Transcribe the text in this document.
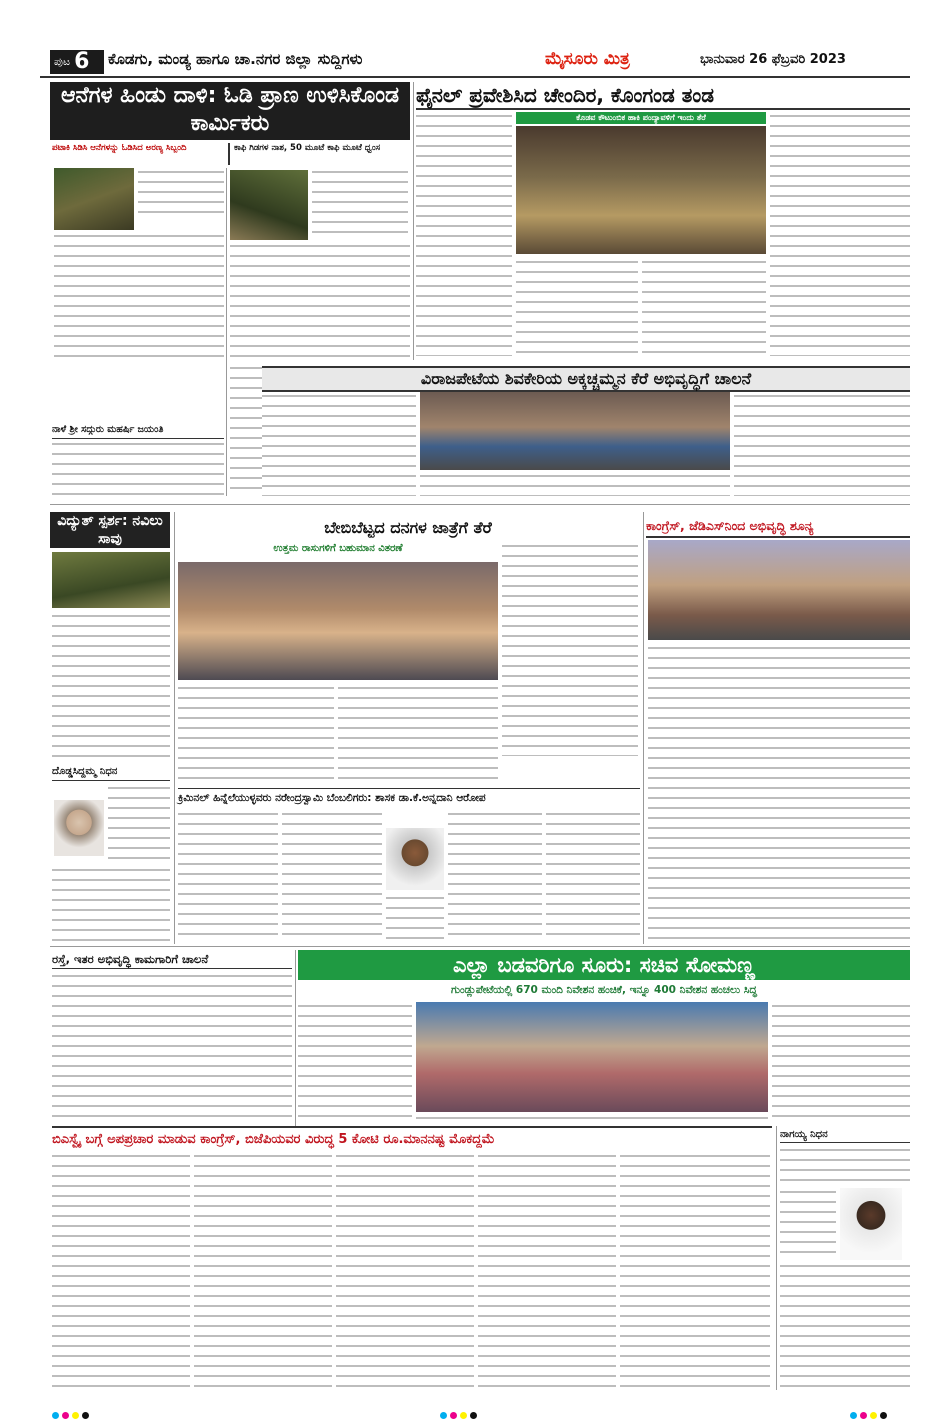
ಪುಟ 6 ಕೊಡಗು, ಮಂಡ್ಯ ಹಾಗೂ ಚಾ.ನಗರ ಜಿಲ್ಲಾ ಸುದ್ದಿಗಳು	ಮೈಸೂರು ಮಿತ್ರ	ಭಾನುವಾರ 26 ಫೆಬ್ರವರಿ 2023
ಆನೆಗಳ ಹಿಂಡು ದಾಳಿ: ಓಡಿ ಪ್ರಾಣ ಉಳಿಸಿಕೊಂಡ ಕಾರ್ಮಿಕರು
ಪಟಾಕಿ ಸಿಡಿಸಿ ಆನೆಗಳನ್ನು ಓಡಿಸಿದ ಅರಣ್ಯ ಸಿಬ್ಬಂದಿ	ಕಾಫಿ ಗಿಡಗಳ ನಾಶ, 50 ಮೂಟೆ ಕಾಫಿ ಮೂಟೆ ಧ್ವಂಸ
ನಾಳೆ ಶ್ರೀ ಸದ್ಗುರು ಮಹರ್ಷಿ ಜಯಂತಿ
ಫೈನಲ್ ಪ್ರವೇಶಿಸಿದ ಚೇಂದಿರ, ಕೊಂಗಂಡ ತಂಡ
ಕೊಡವ ಕೌಟುಂಬಿಕ ಹಾಕಿ ಪಂದ್ಯಾವಳಿಗೆ ಇಂದು ತೆರೆ
ವಿರಾಜಪೇಟೆಯ ಶಿವಕೇರಿಯ ಅಕ್ಕಚ್ಚಮ್ಮನ ಕೆರೆ ಅಭಿವೃದ್ಧಿಗೆ ಚಾಲನೆ
ವಿದ್ಯುತ್ ಸ್ಪರ್ಶ: ನವಿಲು ಸಾವು
ದೊಡ್ಡಸಿದ್ದಮ್ಮ ನಿಧನ
ಬೇಬಿಬೆಟ್ಟದ ದನಗಳ ಜಾತ್ರೆಗೆ ತೆರೆ
ಉತ್ತಮ ರಾಸುಗಳಿಗೆ ಬಹುಮಾನ ವಿತರಣೆ
ಕಾಂಗ್ರೆಸ್, ಜೆಡಿಎಸ್‌ನಿಂದ ಅಭಿವೃದ್ಧಿ ಶೂನ್ಯ
ಕ್ರಿಮಿನಲ್ ಹಿನ್ನೆಲೆಯುಳ್ಳವರು ನರೇಂದ್ರಸ್ವಾಮಿ ಬೆಂಬಲಿಗರು: ಶಾಸಕ ಡಾ.ಕೆ.ಅನ್ನದಾನಿ ಆರೋಪ
ರಸ್ತೆ, ಇತರ ಅಭಿವೃದ್ಧಿ ಕಾಮಗಾರಿಗೆ ಚಾಲನೆ	ಎಲ್ಲಾ ಬಡವರಿಗೂ ಸೂರು: ಸಚಿವ ಸೋಮಣ್ಣ
ಗುಂಡ್ಲುಪೇಟೆಯಲ್ಲಿ 670 ಮಂದಿ ನಿವೇಶನ ಹಂಚಿಕೆ, ಇನ್ನೂ 400 ನಿವೇಶನ ಹಂಚಲು ಸಿದ್ಧ
ಬಿಎಸ್ವೈ ಬಗ್ಗೆ ಅಪಪ್ರಚಾರ ಮಾಡುವ ಕಾಂಗ್ರೆಸ್, ಬಿಜೆಪಿಯವರ ವಿರುದ್ಧ 5 ಕೋಟಿ ರೂ.ಮಾನನಷ್ಟ ಮೊಕದ್ದಮೆ	ನಾಗಯ್ಯ ನಿಧನ
